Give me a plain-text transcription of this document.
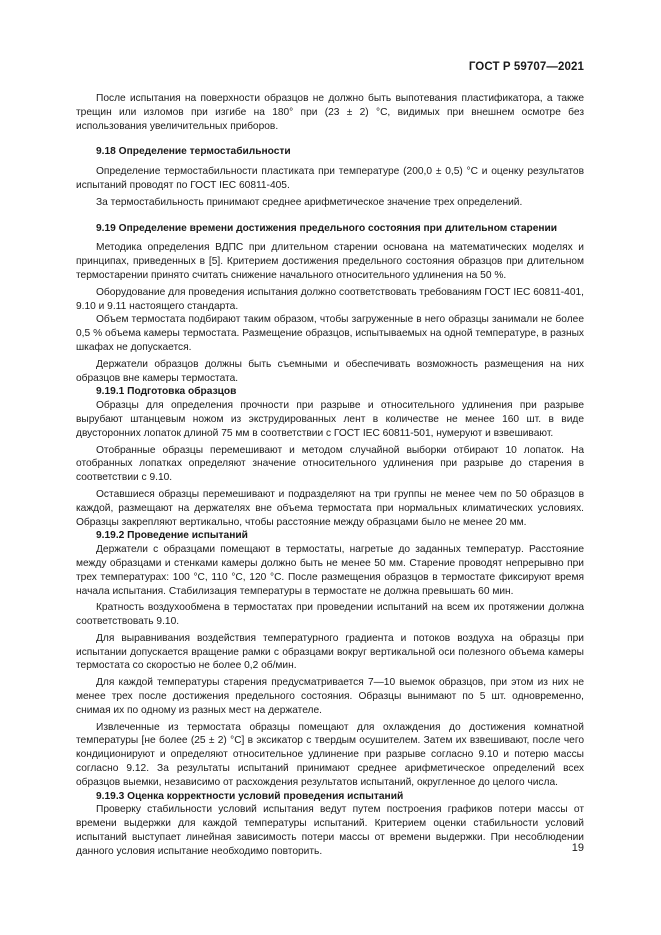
ГОСТ Р 59707—2021

После испытания на поверхности образцов не должно быть выпотевания пластификатора, а также трещин или изломов при изгибе на 180° при (23 ± 2) °С, видимых при внешнем осмотре без использования увеличительных приборов.

9.18 Определение термостабильности

Определение термостабильности пластиката при температуре (200,0 ± 0,5) °С и оценку результатов испытаний проводят по ГОСТ IEC 60811-405.

За термостабильность принимают среднее арифметическое значение трех определений.

9.19 Определение времени достижения предельного состояния при длительном старении

Методика определения ВДПС при длительном старении основана на математических моделях и принципах, приведенных в [5]. Критерием достижения предельного состояния образцов при длительном термостарении принято считать снижение начального относительного удлинения на 50 %.

Оборудование для проведения испытания должно соответствовать требованиям ГОСТ IEC 60811-401, 9.10 и 9.11 настоящего стандарта.

Объем термостата подбирают таким образом, чтобы загруженные в него образцы занимали не более 0,5 % объема камеры термостата. Размещение образцов, испытываемых на одной температуре, в разных шкафах не допускается.

Держатели образцов должны быть съемными и обеспечивать возможность размещения на них образцов вне камеры термостата.

9.19.1 Подготовка образцов

Образцы для определения прочности при разрыве и относительного удлинения при разрыве вырубают штанцевым ножом из экструдированных лент в количестве не менее 160 шт. в виде двусторонних лопаток длиной 75 мм в соответствии с ГОСТ IEC 60811-501, нумеруют и взвешивают.

Отобранные образцы перемешивают и методом случайной выборки отбирают 10 лопаток. На отобранных лопатках определяют значение относительного удлинения при разрыве до старения в соответствии с 9.10.

Оставшиеся образцы перемешивают и подразделяют на три группы не менее чем по 50 образцов в каждой, размещают на держателях вне объема термостата при нормальных климатических условиях. Образцы закрепляют вертикально, чтобы расстояние между образцами было не менее 20 мм.

9.19.2 Проведение испытаний

Держатели с образцами помещают в термостаты, нагретые до заданных температур. Расстояние между образцами и стенками камеры должно быть не менее 50 мм. Старение проводят непрерывно при трех температурах: 100 °С, 110 °С, 120 °С. После размещения образцов в термостате фиксируют время начала испытания. Стабилизация температуры в термостате не должна превышать 60 мин.

Кратность воздухообмена в термостатах при проведении испытаний на всем их протяжении должна соответствовать 9.10.

Для выравнивания воздействия температурного градиента и потоков воздуха на образцы при испытании допускается вращение рамки с образцами вокруг вертикальной оси полезного объема камеры термостата со скоростью не более 0,2 об/мин.

Для каждой температуры старения предусматривается 7—10 выемок образцов, при этом из них не менее трех после достижения предельного состояния. Образцы вынимают по 5 шт. одновременно, снимая их по одному из разных мест на держателе.

Извлеченные из термостата образцы помещают для охлаждения до достижения комнатной температуры [не более (25 ± 2) °С] в эксикатор с твердым осушителем. Затем их взвешивают, после чего кондиционируют и определяют относительное удлинение при разрыве согласно 9.10 и потерю массы согласно 9.12. За результаты испытаний принимают среднее арифметическое определений всех образцов выемки, независимо от расхождения результатов испытаний, округленное до целого числа.

9.19.3 Оценка корректности условий проведения испытаний

Проверку стабильности условий испытания ведут путем построения графиков потери массы от времени выдержки для каждой температуры испытаний. Критерием оценки стабильности условий испытаний выступает линейная зависимость потери массы от времени выдержки. При несоблюдении данного условия испытание необходимо повторить.	19
